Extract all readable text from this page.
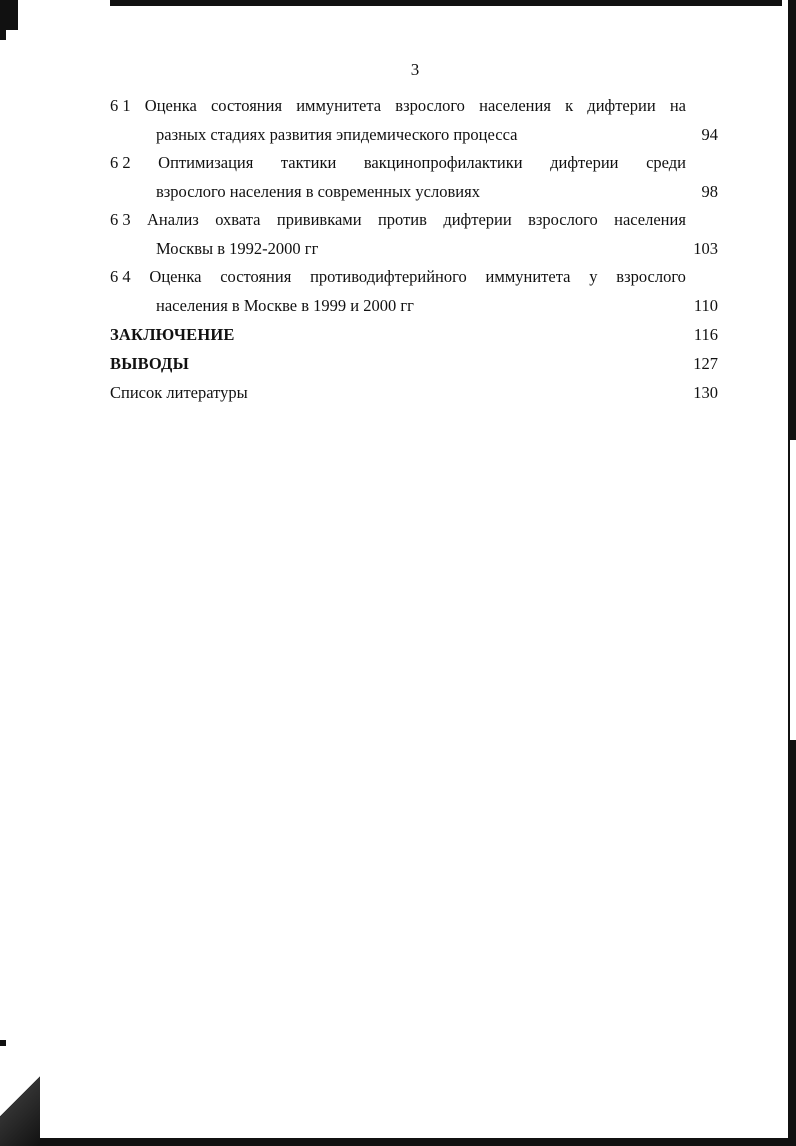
3
6 1 Оценка состояния иммунитета взрослого населения к дифтерии на
разных стадиях развития эпидемического процесса	94
6 2 Оптимизация тактики вакцинопрофилактики дифтерии среди
взрослого населения в современных условиях	98
6 3 Анализ охвата прививками против дифтерии взрослого населения
Москвы в 1992-2000 гг	103
6 4 Оценка состояния противодифтерийного иммунитета у взрослого
населения в Москве в 1999 и 2000 гг	110
ЗАКЛЮЧЕНИЕ	116
ВЫВОДЫ	127
Список литературы	130
